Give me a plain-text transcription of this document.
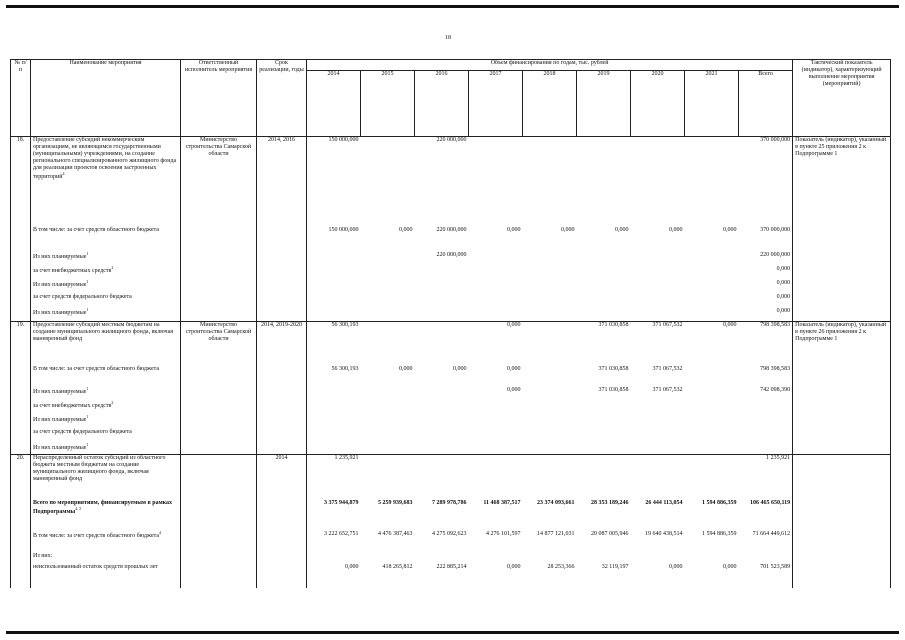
18
№ п/п	Наименование мероприятия	Ответственный исполнитель мероприятия	Срок реализации, годы	Объем финансирования по годам, тыс. рублей									Тактический показатель (индикатор), характеризующий выполнение мероприятия (мероприятий)
				2014	2015	2016	2017	2018	2019	2020	2021	Всего	
18.	Предоставление субсидий некоммерческим организациям, не являющимся государственными (муниципальными) учреждениями, на создание регионального специализированного жилищного фонда для реализации проектов освоения застроенных территорий$^4$	Министерство строительства Самарской области	2014, 2016	150 000,000		220 000,000						370 000,000	Показатель (индикатор), указанный в пункте 25 приложения 2 к Подпрограмме 1
	В том числе: за счет средств областного бюджета			150 000,000	0,000	220 000,000	0,000	0,000	0,000	0,000	0,000	370 000,000	
	Из них планируемые$^1$					220 000,000						220 000,000	
	за счет внебюджетных средств$^2$											0,000	
	Из них планируемые$^1$											0,000	
	за счет средств федерального бюджета											0,000	
	Из них планируемые$^1$											0,000	
19.	Предоставление субсидий местным бюджетам на создание муниципального жилищного фонда, включая маневренный фонд	Министерство строительства Самарской области	2014, 2019-2020	56 300,193			0,000		371 030,858	371 067,532	0,000	798 398,583	Показатель (индикатор), указанный в пункте 26 приложения 2 к Подпрограмме 1
	В том числе: за счет средств областного бюджета			56 300,193	0,000	0,000	0,000		371 030,858	371 067,532		798 398,583	
	Из них планируемые$^1$						0,000		371 030,858	371 067,532		742 098,390	
	за счет внебюджетных средств$^2$												
	Из них планируемые$^1$												
	за счет средств федерального бюджета												
	Из них планируемые$^1$												
20.	Нераспределенный остаток субсидий из областного бюджета местным бюджетам на создание муниципального жилищного фонда, включая маневренный фонд		2014	1 235,921								1 235,921	
	Всего по мероприятиям, финансируемым в рамках Подпрограммы$^{4, 5}$			3 375 944,879	5 259 939,683	7 289 978,786	11 468 387,517	23 374 093,661	28 353 189,246	26 444 113,054	1 594 886,359	106 465 650,119	
	В том числе: за счет средств областного бюджета$^4$			3 222 652,751	4 476 387,463	4 275 092,623	4 276 101,597	14 877 121,031	20 087 005,946	19 640 438,514	1 594 886,359	71 664 449,612	
	Из них:												
	неиспользованный остаток средств прошлых лет			0,000	418 265,812	222 885,214	0,000	28 253,366	32 119,197	0,000	0,000	701 523,589	
